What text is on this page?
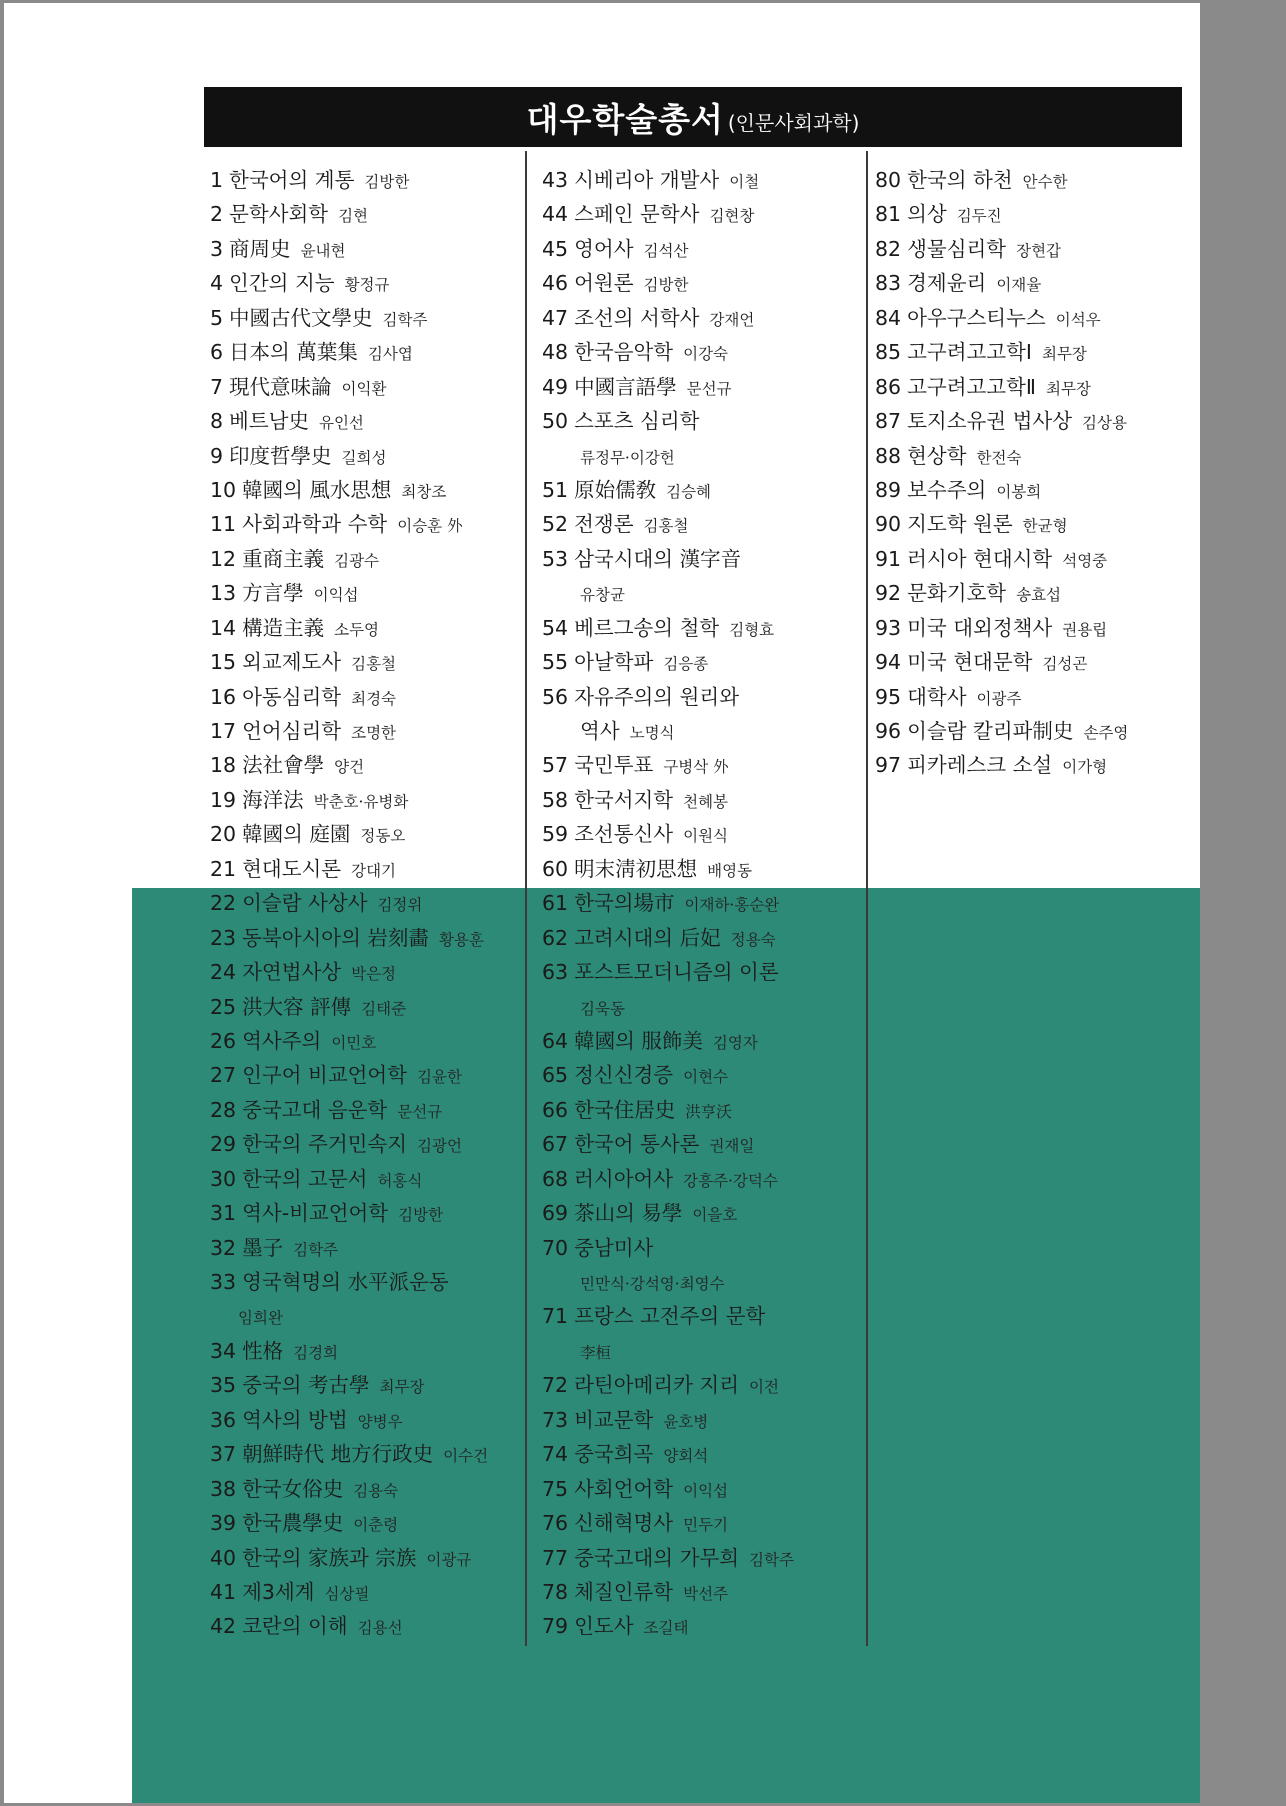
대우학술총서 (인문사회과학)
1 한국어의 계통 김방한
2 문학사회학 김현
3 商周史 윤내현
4 인간의 지능 황정규
5 中國古代文學史 김학주
6 日本의 萬葉集 김사엽
7 現代意味論 이익환
8 베트남史 유인선
9 印度哲學史 길희성
10 韓國의 風水思想 최창조
11 사회과학과 수학 이승훈 外
12 重商主義 김광수
13 方言學 이익섭
14 構造主義 소두영
15 외교제도사 김홍철
16 아동심리학 최경숙
17 언어심리학 조명한
18 法社會學 양건
19 海洋法 박춘호·유병화
20 韓國의 庭園 정동오
21 현대도시론 강대기
22 이슬람 사상사 김정위
23 동북아시아의 岩刻畵 황용훈
24 자연법사상 박은정
25 洪大容 評傳 김태준
26 역사주의 이민호
27 인구어 비교언어학 김윤한
28 중국고대 음운학 문선규
29 한국의 주거민속지 김광언
30 한국의 고문서 허홍식
31 역사-비교언어학 김방한
32 墨子 김학주
33 영국혁명의 水平派운동
임희완
34 性格 김경희
35 중국의 考古學 최무장
36 역사의 방법 양병우
37 朝鮮時代 地方行政史 이수건
38 한국女俗史 김용숙
39 한국農學史 이춘령
40 한국의 家族과 宗族 이광규
41 제3세계 심상필
42 코란의 이해 김용선
43 시베리아 개발사 이철
44 스페인 문학사 김현창
45 영어사 김석산
46 어원론 김방한
47 조선의 서학사 강재언
48 한국음악학 이강숙
49 中國言語學 문선규
50 스포츠 심리학
류정무·이강헌
51 原始儒敎 김승혜
52 전쟁론 김홍철
53 삼국시대의 漢字音
유창균
54 베르그송의 철학 김형효
55 아날학파 김응종
56 자유주의의 원리와
역사 노명식
57 국민투표 구병삭 外
58 한국서지학 천혜봉
59 조선통신사 이원식
60 明末淸初思想 배영동
61 한국의場市 이재하·홍순완
62 고려시대의 后妃 정용숙
63 포스트모더니즘의 이론
김욱동
64 韓國의 服飾美 김영자
65 정신신경증 이현수
66 한국住居史 洪亨沃
67 한국어 통사론 권재일
68 러시아어사 강흥주·강덕수
69 茶山의 易學 이을호
70 중남미사
민만식·강석영·최영수
71 프랑스 고전주의 문학
李桓
72 라틴아메리카 지리 이전
73 비교문학 윤호병
74 중국희곡 양회석
75 사회언어학 이익섭
76 신해혁명사 민두기
77 중국고대의 가무희 김학주
78 체질인류학 박선주
79 인도사 조길태
80 한국의 하천 안수한
81 의상 김두진
82 생물심리학 장현갑
83 경제윤리 이재율
84 아우구스티누스 이석우
85 고구려고고학Ⅰ 최무장
86 고구려고고학Ⅱ 최무장
87 토지소유권 법사상 김상용
88 현상학 한전숙
89 보수주의 이봉희
90 지도학 원론 한균형
91 러시아 현대시학 석영중
92 문화기호학 송효섭
93 미국 대외정책사 권용립
94 미국 현대문학 김성곤
95 대학사 이광주
96 이슬람 칼리파制史 손주영
97 피카레스크 소설 이가형
